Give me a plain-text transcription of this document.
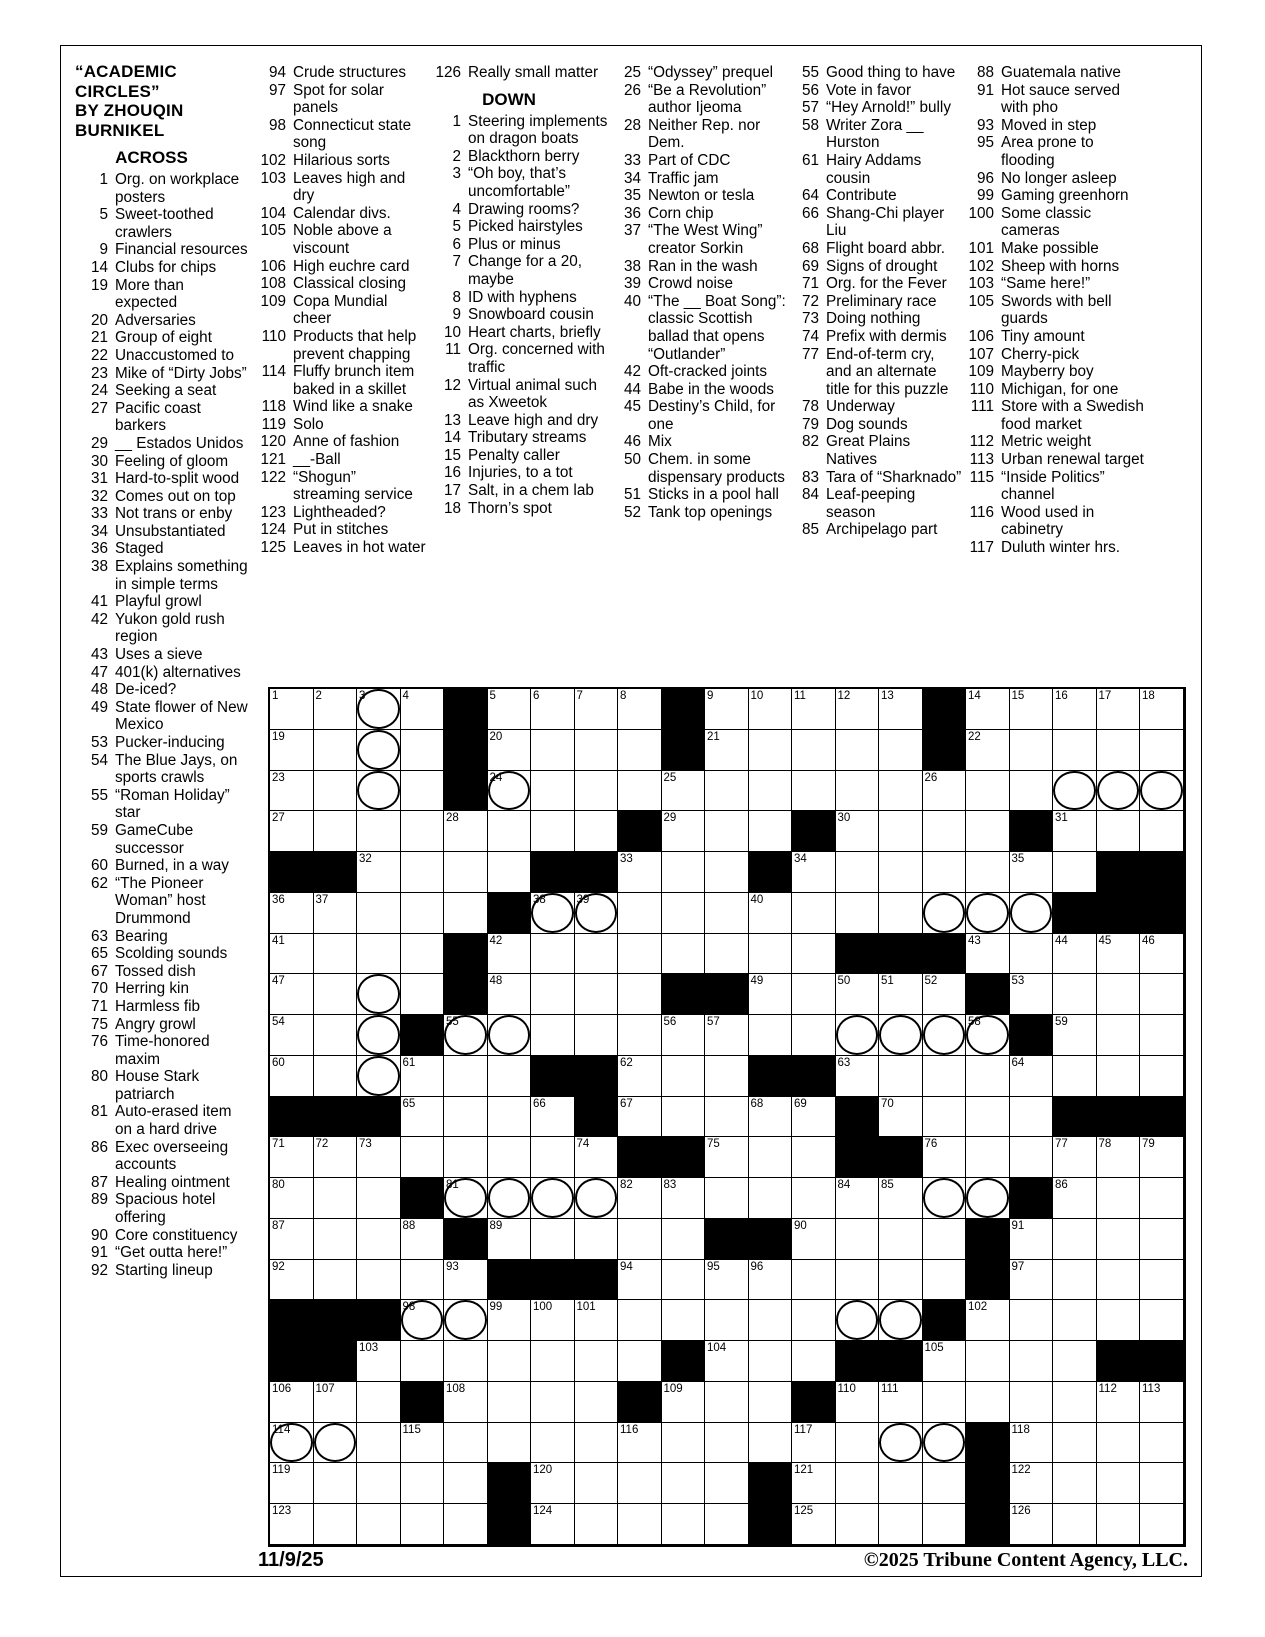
“ACADEMIC
CIRCLES”
BY ZHOUQIN
BURNIKEL
ACROSS
1 Org. on workplace posters
5 Sweet-toothed crawlers
9 Financial resources
14 Clubs for chips
19 More than expected
20 Adversaries
21 Group of eight
22 Unaccustomed to
23 Mike of “Dirty Jobs”
24 Seeking a seat
27 Pacific coast barkers
29 __ Estados Unidos
30 Feeling of gloom
31 Hard-to-split wood
32 Comes out on top
33 Not trans or enby
34 Unsubstantiated
36 Staged
38 Explains something in simple terms
41 Playful growl
42 Yukon gold rush region
43 Uses a sieve
47 401(k) alternatives
48 De-iced?
49 State flower of New Mexico
53 Pucker-inducing
54 The Blue Jays, on sports crawls
55 “Roman Holiday” star
59 GameCube successor
60 Burned, in a way
62 “The Pioneer Woman” host Drummond
63 Bearing
65 Scolding sounds
67 Tossed dish
70 Herring kin
71 Harmless fib
75 Angry growl
76 Time-honored maxim
80 House Stark patriarch
81 Auto-erased item on a hard drive
86 Exec overseeing accounts
87 Healing ointment
89 Spacious hotel offering
90 Core constituency
91 “Get outta here!”
92 Starting lineup
94 Crude structures
97 Spot for solar panels
98 Connecticut state song
102 Hilarious sorts
103 Leaves high and dry
104 Calendar divs.
105 Noble above a viscount
106 High euchre card
108 Classical closing
109 Copa Mundial cheer
110 Products that help prevent chapping
114 Fluffy brunch item baked in a skillet
118 Wind like a snake
119 Solo
120 Anne of fashion
121 __-Ball
122 “Shogun” streaming service
123 Lightheaded?
124 Put in stitches
125 Leaves in hot water
126 Really small matter
DOWN
1 Steering implements on dragon boats
2 Blackthorn berry
3 “Oh boy, that’s uncomfortable”
4 Drawing rooms?
5 Picked hairstyles
6 Plus or minus
7 Change for a 20, maybe
8 ID with hyphens
9 Snowboard cousin
10 Heart charts, briefly
11 Org. concerned with traffic
12 Virtual animal such as Xweetok
13 Leave high and dry
14 Tributary streams
15 Penalty caller
16 Injuries, to a tot
17 Salt, in a chem lab
18 Thorn’s spot
25 “Odyssey” prequel
26 “Be a Revolution” author Ijeoma
28 Neither Rep. nor Dem.
33 Part of CDC
34 Traffic jam
35 Newton or tesla
36 Corn chip
37 “The West Wing” creator Sorkin
38 Ran in the wash
39 Crowd noise
40 “The __ Boat Song”: classic Scottish ballad that opens “Outlander”
42 Oft-cracked joints
44 Babe in the woods
45 Destiny’s Child, for one
46 Mix
50 Chem. in some dispensary products
51 Sticks in a pool hall
52 Tank top openings
55 Good thing to have
56 Vote in favor
57 “Hey Arnold!” bully
58 Writer Zora __ Hurston
61 Hairy Addams cousin
64 Contribute
66 Shang-Chi player Liu
68 Flight board abbr.
69 Signs of drought
71 Org. for the Fever
72 Preliminary race
73 Doing nothing
74 Prefix with dermis
77 End-of-term cry, and an alternate title for this puzzle
78 Underway
79 Dog sounds
82 Great Plains Natives
83 Tara of “Sharknado”
84 Leaf-peeping season
85 Archipelago part
88 Guatemala native
91 Hot sauce served with pho
93 Moved in step
95 Area prone to flooding
96 No longer asleep
99 Gaming greenhorn
100 Some classic cameras
101 Make possible
102 Sheep with horns
103 “Same here!”
105 Swords with bell guards
106 Tiny amount
107 Cherry-pick
109 Mayberry boy
110 Michigan, for one
111 Store with a Swedish food market
112 Metric weight
113 Urban renewal target
115 “Inside Politics” channel
116 Wood used in cabinetry
117 Duluth winter hrs.
1	2	3	4	5	6	7	8	9	10	11	12	13	14	15	16	17	18
19	20	21	22
23	24	25	26
27	28	29	30	31
32	33	34	35
36	37	38	39	40
41	42	43	44	45	46
47	48	49	50	51	52	53
54	55	56	57	58	59
60	61	62	63	64
65	66	67	68	69	70
71	72	73	74	75	76	77	78	79
80	81	82	83	84	85	86
87	88	89	90	91
92	93	94	95	96	97
98	99	100 101	102
103	104	105
106 107	108	109	110 111	112 113
114	115	116	117	118
119	120	121	122
123	124	125	126
11/9/25	©2025 Tribune Content Agency, LLC.
